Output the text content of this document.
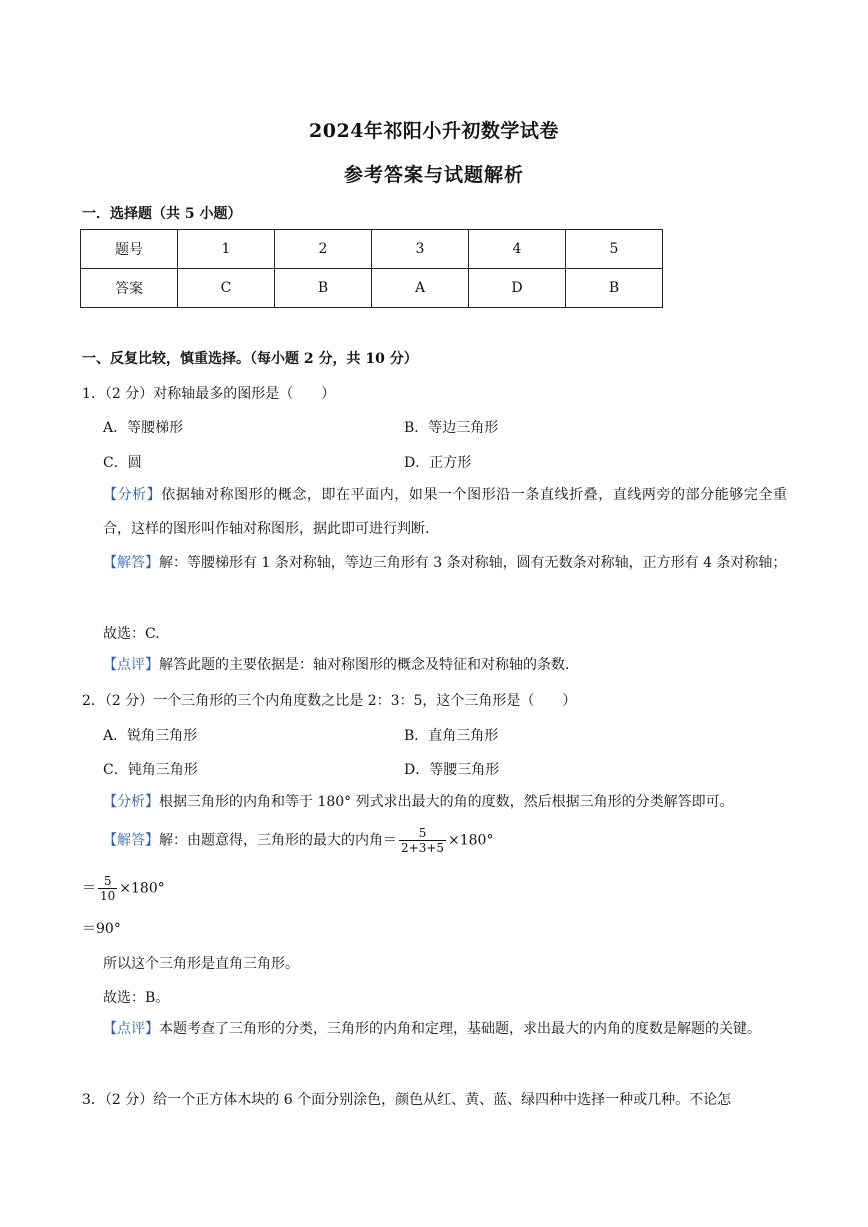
2024年祁阳小升初数学试卷
参考答案与试题解析
一．选择题（共 5 小题）
题号	1	2	3	4	5
答案	C	B	A	D	B
一、反复比较，慎重选择。（每小题 2 分，共 10 分）
1．（2 分）对称轴最多的图形是（　　）
A．等腰梯形	B．等边三角形
C．圆	D．正方形
【分析】依据轴对称图形的概念，即在平面内，如果一个图形沿一条直线折叠，直线两旁的部分能够完全重合，这样的图形叫作轴对称图形，据此即可进行判断.
【解答】解：等腰梯形有 1 条对称轴，等边三角形有 3 条对称轴，圆有无数条对称轴，正方形有 4 条对称轴；
故选：C.
【点评】解答此题的主要依据是：轴对称图形的概念及特征和对称轴的条数.
2．（2 分）一个三角形的三个内角度数之比是 2：3：5，这个三角形是（　　）
A．锐角三角形	B．直角三角形
C．钝角三角形	D．等腰三角形
【分析】根据三角形的内角和等于 180° 列式求出最大的角的度数，然后根据三角形的分类解答即可。
【解答】解：由题意得，三角形的最大的内角＝ $\frac{5}{2+3+5} \times 180^\circ$
＝ $\frac{5}{10} \times 180^\circ$
＝90°
所以这个三角形是直角三角形。
故选：B。
【点评】本题考查了三角形的分类，三角形的内角和定理，基础题，求出最大的内角的度数是解题的关键。
3．（2 分）给一个正方体木块的 6 个面分别涂色，颜色从红、黄、蓝、绿四种中选择一种或几种。不论怎
